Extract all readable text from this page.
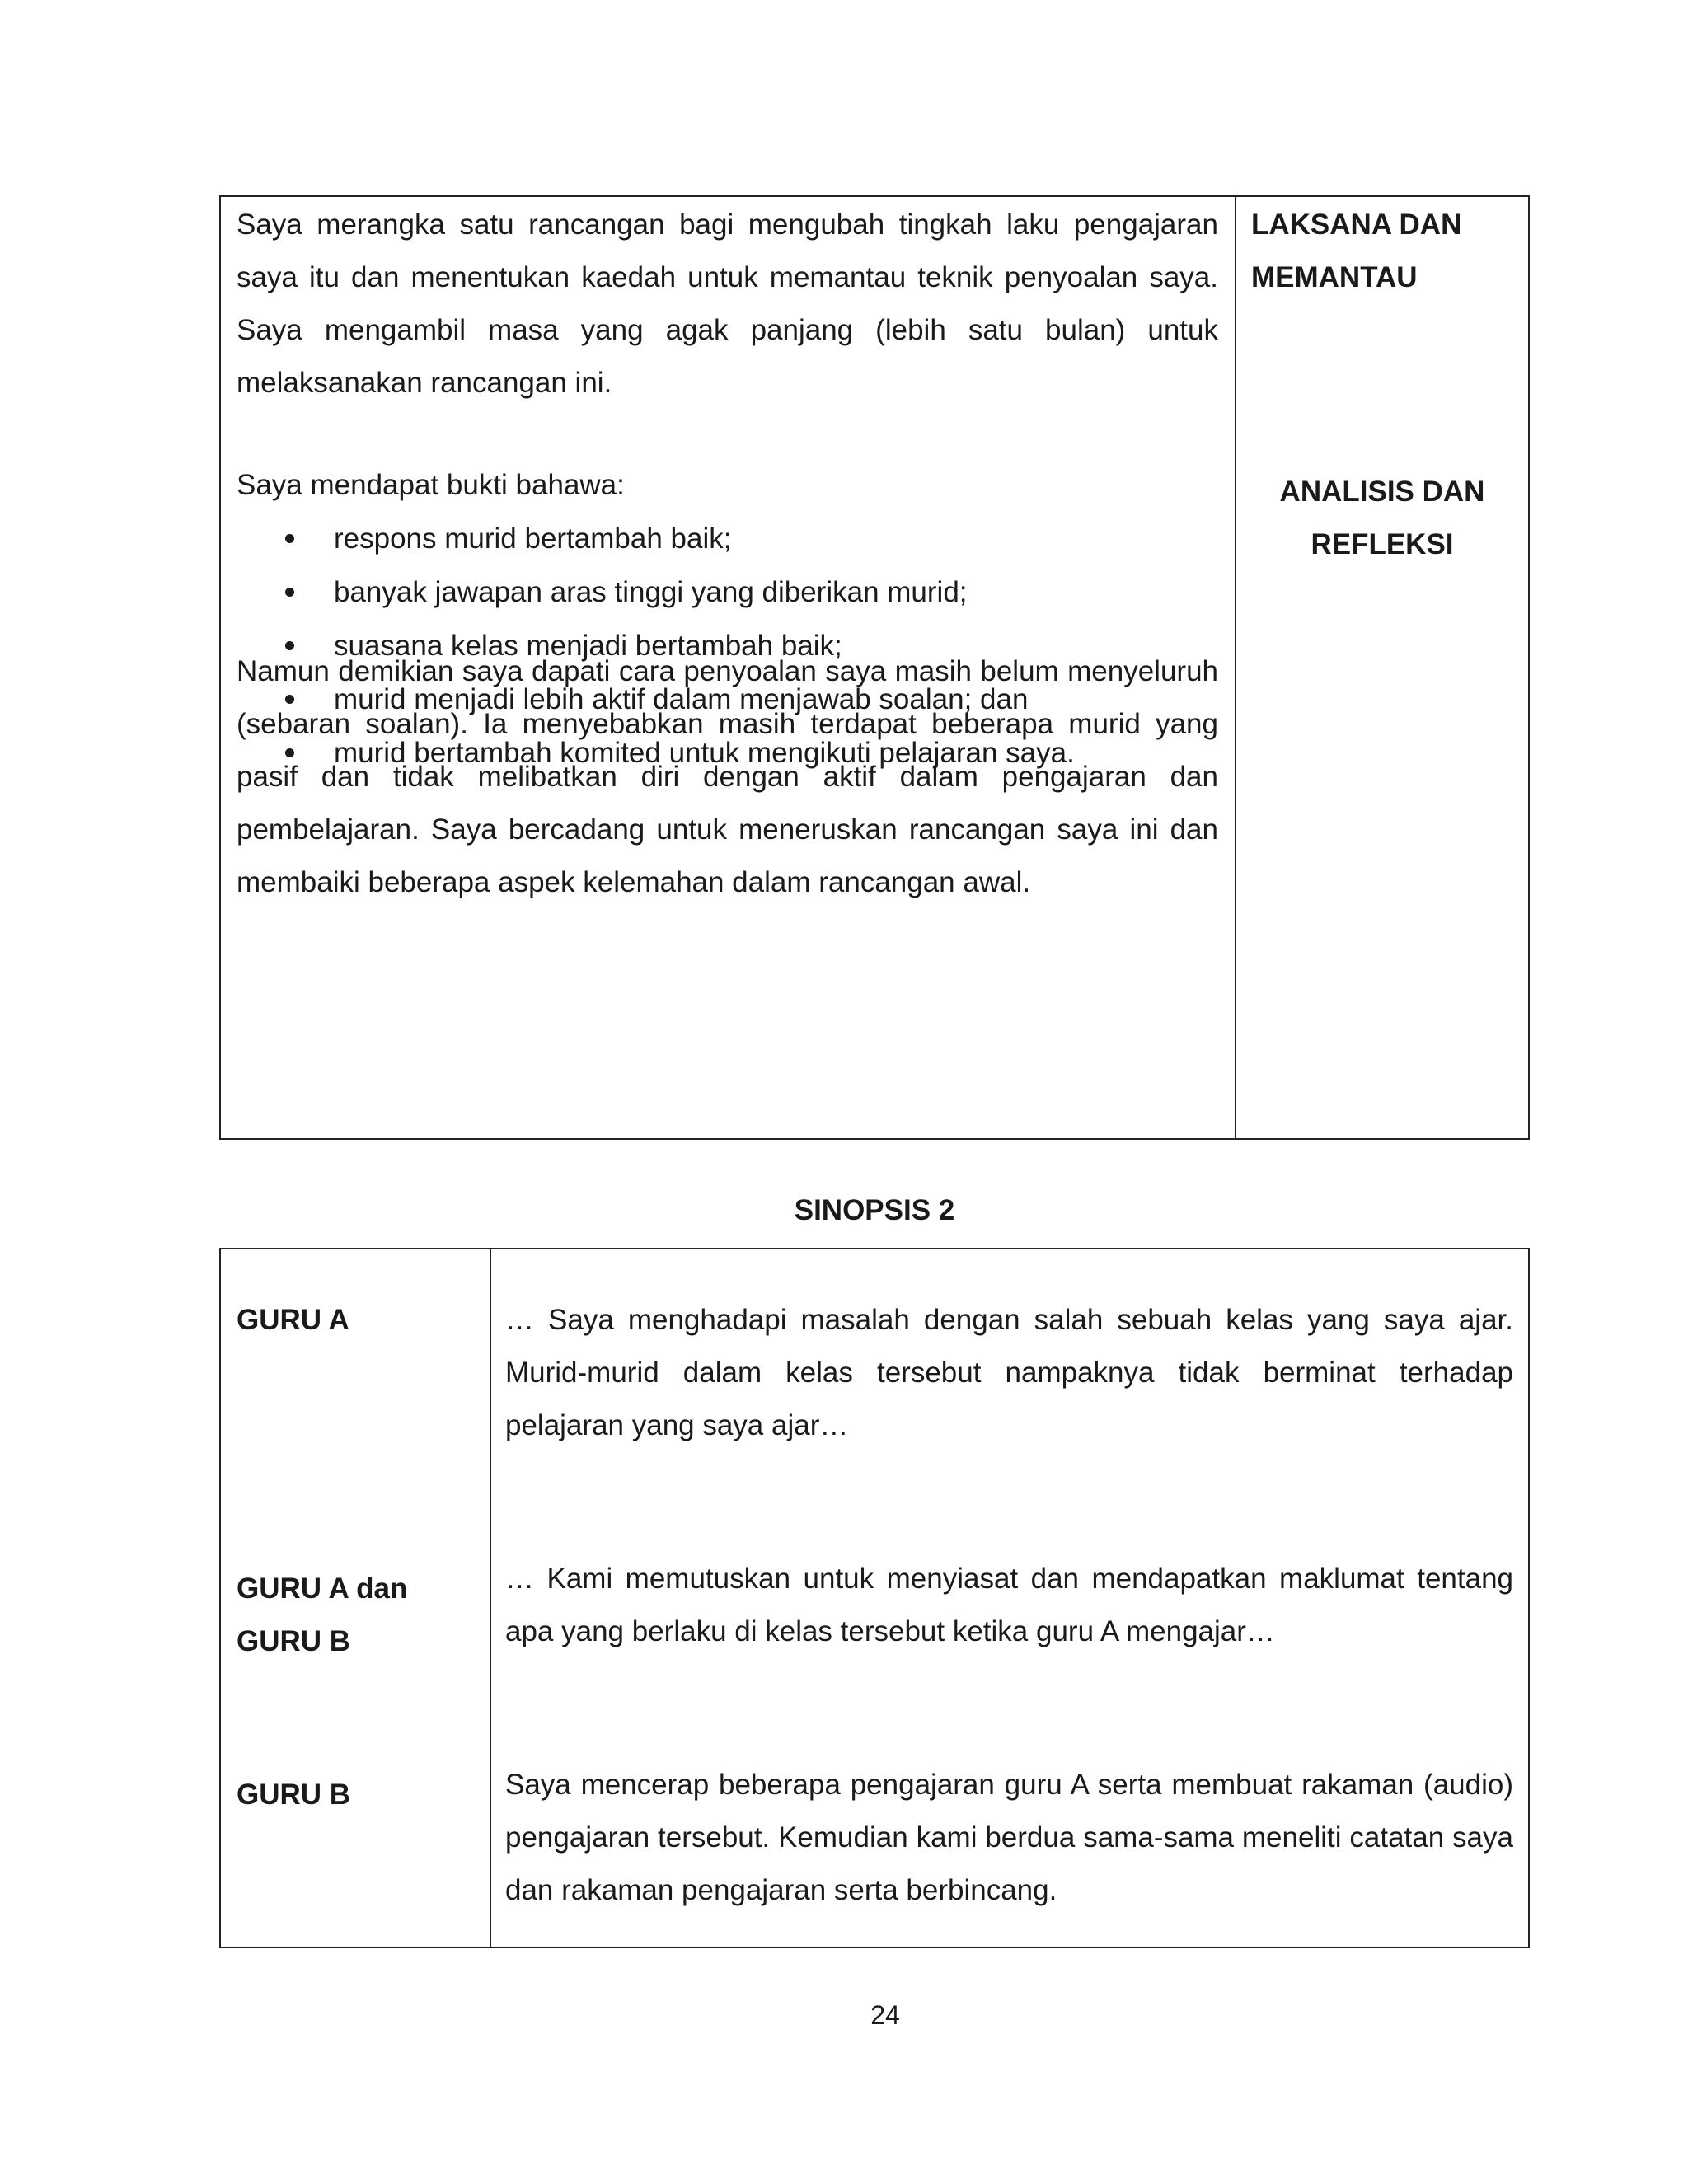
Saya merangka satu rancangan bagi mengubah tingkah laku pengajaran saya itu dan menentukan kaedah untuk memantau teknik penyoalan saya. Saya mengambil masa yang agak panjang (lebih satu bulan) untuk melaksanakan rancangan ini.

Saya mendapat bukti bahawa:

respons murid bertambah baik;
banyak jawapan aras tinggi yang diberikan murid;
suasana kelas menjadi bertambah baik;
murid menjadi lebih aktif dalam menjawab soalan; dan
murid bertambah komited untuk mengikuti pelajaran saya.

Namun demikian saya dapati cara penyoalan saya masih belum menyeluruh (sebaran soalan). Ia menyebabkan masih terdapat beberapa murid yang pasif dan tidak melibatkan diri dengan aktif dalam pengajaran dan pembelajaran. Saya bercadang untuk meneruskan rancangan saya ini dan membaiki beberapa aspek kelemahan dalam rancangan awal.

LAKSANA DAN
MEMANTAU
ANALISIS DAN
REFLEKSI

SINOPSIS 2

GURU A	… Saya menghadapi masalah dengan salah sebuah kelas yang saya ajar. Murid-murid dalam kelas tersebut nampaknya tidak berminat terhadap pelajaran yang saya ajar…

GURU A dan
GURU B

… Kami memutuskan untuk menyiasat dan mendapatkan maklumat tentang apa yang berlaku di kelas tersebut ketika guru A mengajar…

GURU B	Saya mencerap beberapa pengajaran guru A serta membuat rakaman (audio) pengajaran tersebut. Kemudian kami berdua sama-sama meneliti catatan saya dan rakaman pengajaran serta berbincang.

24
